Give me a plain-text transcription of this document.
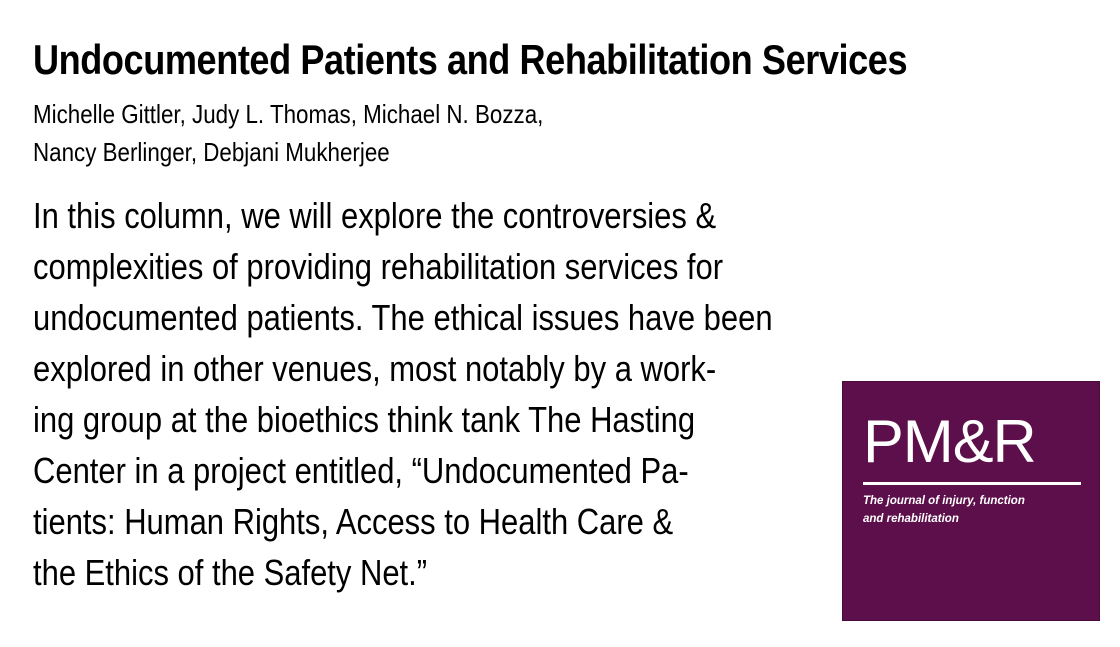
Undocumented Patients and Rehabilitation Services
Michelle Gittler, Judy L. Thomas, Michael N. Bozza,
Nancy Berlinger, Debjani Mukherjee
In this column, we will explore the controversies &
complexities of providing rehabilitation services for
undocumented patients. The ethical issues have been
explored in other venues, most notably by a work-
ing group at the bioethics think tank The Hasting
Center in a project entitled, “Undocumented Pa-
tients: Human Rights, Access to Health Care &
the Ethics of the Safety Net.”
PM&R
The journal of injury, function
and rehabilitation
